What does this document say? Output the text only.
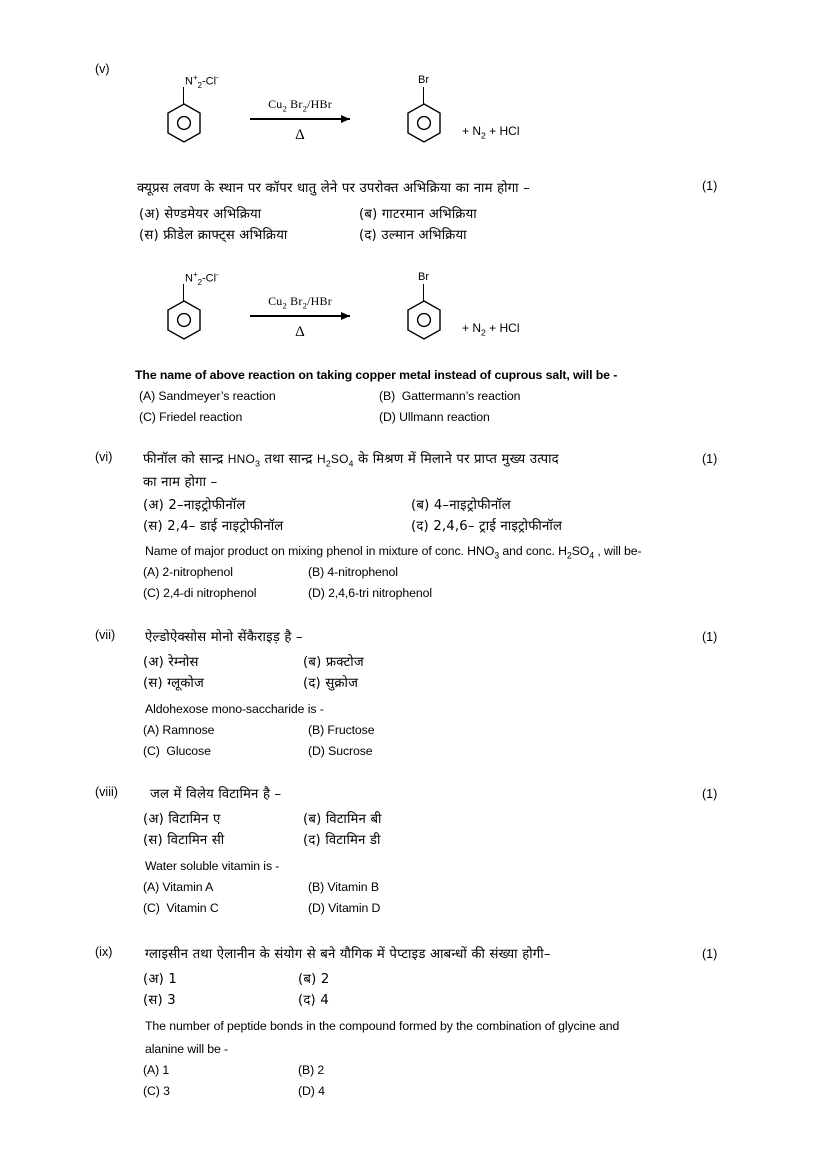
(v)
$N^+_2-Cl^-$
$Cu_2$ $Br_2$/HBr
Δ
Br
+ $N_2$ + HCl
क्यूप्रस लवण के स्थान पर कॉपर धातु लेने पर उपरोक्त अभिक्रिया का नाम होगा –	(1)
(अ) सेण्डमेयर अभिक्रिया	(ब) गाटरमान अभिक्रिया
(स) फ्रीडेल क्राफ्ट्स अभिक्रिया	(द) उल्मान अभिक्रिया
$N^+_2-Cl^-$
$Cu_2$ $Br_2$/HBr
Δ
Br
+ $N_2$ + HCl
The name of above reaction on taking copper metal instead of cuprous salt, will be -
(A) Sandmeyer’s reaction	(B) Gattermann’s reaction
(C) Friedel reaction	(D) Ullmann reaction
(vi)	(1)
फीनॉल को सान्द्र $HNO_3$ तथा सान्द्र $H_2SO_4$ के मिश्रण में मिलाने पर प्राप्त मुख्य उत्पाद
का नाम होगा –
(अ) 2–नाइट्रोफीनॉल	(ब) 4–नाइट्रोफीनॉल
(स) 2,4– डाई नाइट्रोफीनॉल	(द) 2,4,6– ट्राई नाइट्रोफीनॉल
Name of major product on mixing phenol in mixture of conc. $HNO_3$ and conc. $H_2SO_4$ , will be-
(A) 2-nitrophenol	(B) 4-nitrophenol
(C) 2,4-di nitrophenol	(D) 2,4,6-tri nitrophenol
(vii)	(1)
ऐल्डोऐक्सोस मोनो सेंकैराइड़ है –
(अ) रेम्नोस	(ब) फ्रक्टोज
(स) ग्लूकोज	(द) सुक्रोज
Aldohexose mono-saccharide is -
(A) Ramnose	(B) Fructose
(C) Glucose	(D) Sucrose
(viii)	(1)
जल में विलेय विटामिन है –
(अ) विटामिन ए	(ब) विटामिन बी
(स) विटामिन सी	(द) विटामिन डी
Water soluble vitamin is -
(A) Vitamin A	(B) Vitamin B
(C) Vitamin C	(D) Vitamin D
(ix)	(1)
ग्लाइसीन तथा ऐलानीन के संयोग से बने यौगिक में पेप्टाइड आबन्धों की संख्या होगी–
(अ) 1	(ब) 2
(स) 3	(द) 4
The number of peptide bonds in the compound formed by the combination of glycine and
alanine will be -
(A) 1	(B) 2
(C) 3	(D) 4
